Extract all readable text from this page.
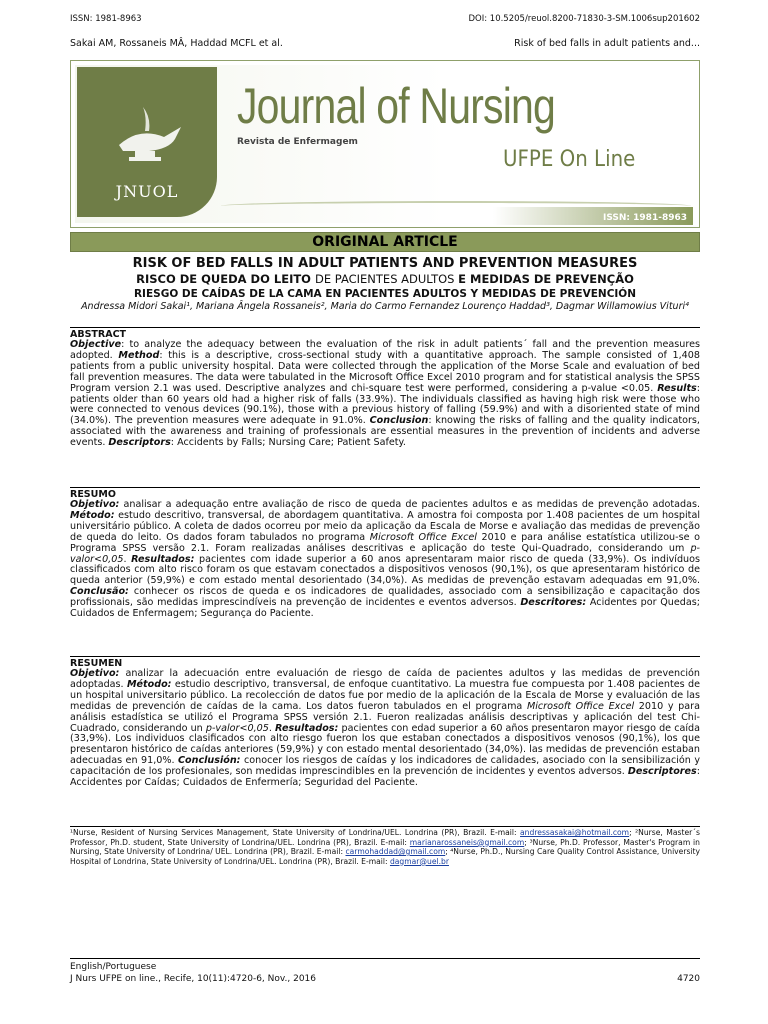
ISSN: 1981-8963	DOI: 10.5205/reuol.8200-71830-3-SM.1006sup201602
Sakai AM, Rossaneis MÂ, Haddad MCFL et al.	Risk of bed falls in adult patients and...
JNUOL
Journal of Nursing
Revista de Enfermagem
UFPE On Line
ISSN: 1981-8963
ORIGINAL ARTICLE
RISK OF BED FALLS IN ADULT PATIENTS AND PREVENTION MEASURES
RISCO DE QUEDA DO LEITO DE PACIENTES ADULTOS E MEDIDAS DE PREVENÇÃO
RIESGO DE CAÍDAS DE LA CAMA EN PACIENTES ADULTOS Y MEDIDAS DE PREVENCIÓN
Andressa Midori Sakai¹, Mariana Ângela Rossaneis², Maria do Carmo Fernandez Lourenço Haddad³, Dagmar Willamowius Vituri⁴
ABSTRACT
Objective: to analyze the adequacy between the evaluation of the risk in adult patients´ fall and the prevention measures adopted. Method: this is a descriptive, cross-sectional study with a quantitative approach. The sample consisted of 1,408 patients from a public university hospital. Data were collected through the application of the Morse Scale and evaluation of bed fall prevention measures. The data were tabulated in the Microsoft Office Excel 2010 program and for statistical analysis the SPSS Program version 2.1 was used. Descriptive analyzes and chi-square test were performed, considering a p-value <0.05. Results: patients older than 60 years old had a higher risk of falls (33.9%). The individuals classified as having high risk were those who were connected to venous devices (90.1%), those with a previous history of falling (59.9%) and with a disoriented state of mind (34.0%). The prevention measures were adequate in 91.0%. Conclusion: knowing the risks of falling and the quality indicators, associated with the awareness and training of professionals are essential measures in the prevention of incidents and adverse events. Descriptors: Accidents by Falls; Nursing Care; Patient Safety.
RESUMO
Objetivo: analisar a adequação entre avaliação de risco de queda de pacientes adultos e as medidas de prevenção adotadas. Método: estudo descritivo, transversal, de abordagem quantitativa. A amostra foi composta por 1.408 pacientes de um hospital universitário público. A coleta de dados ocorreu por meio da aplicação da Escala de Morse e avaliação das medidas de prevenção de queda do leito. Os dados foram tabulados no programa Microsoft Office Excel 2010 e para análise estatística utilizou-se o Programa SPSS versão 2.1. Foram realizadas análises descritivas e aplicação do teste Qui-Quadrado, considerando um p-valor<0,05. Resultados: pacientes com idade superior a 60 anos apresentaram maior risco de queda (33,9%). Os indivíduos classificados com alto risco foram os que estavam conectados a dispositivos venosos (90,1%), os que apresentaram histórico de queda anterior (59,9%) e com estado mental desorientado (34,0%). As medidas de prevenção estavam adequadas em 91,0%. Conclusão: conhecer os riscos de queda e os indicadores de qualidades, associado com a sensibilização e capacitação dos profissionais, são medidas imprescindíveis na prevenção de incidentes e eventos adversos. Descritores: Acidentes por Quedas; Cuidados de Enfermagem; Segurança do Paciente.
RESUMEN
Objetivo: analizar la adecuación entre evaluación de riesgo de caída de pacientes adultos y las medidas de prevención adoptadas. Método: estudio descriptivo, transversal, de enfoque cuantitativo. La muestra fue compuesta por 1.408 pacientes de un hospital universitario público. La recolección de datos fue por medio de la aplicación de la Escala de Morse y evaluación de las medidas de prevención de caídas de la cama. Los datos fueron tabulados en el programa Microsoft Office Excel 2010 y para análisis estadística se utilizó el Programa SPSS versión 2.1. Fueron realizadas análisis descriptivas y aplicación del test Chi-Cuadrado, considerando un p-valor<0,05. Resultados: pacientes con edad superior a 60 años presentaron mayor riesgo de caída (33,9%). Los individuos clasificados con alto riesgo fueron los que estaban conectados a dispositivos venosos (90,1%), los que presentaron histórico de caídas anteriores (59,9%) y con estado mental desorientado (34,0%). las medidas de prevención estaban adecuadas en 91,0%. Conclusión: conocer los riesgos de caídas y los indicadores de calidades, asociado con la sensibilización y capacitación de los profesionales, son medidas imprescindibles en la prevención de incidentes y eventos adversos. Descriptores: Accidentes por Caídas; Cuidados de Enfermería; Seguridad del Paciente.
¹Nurse, Resident of Nursing Services Management, State University of Londrina/UEL. Londrina (PR), Brazil. E-mail: andressasakai@hotmail.com; ²Nurse, Master´s Professor, Ph.D. student, State University of Londrina/UEL. Londrina (PR), Brazil. E-mail: marianarossaneis@gmail.com; ³Nurse, Ph.D. Professor, Master's Program in Nursing, State University of Londrina/ UEL. Londrina (PR), Brazil. E-mail: carmohaddad@gmail.com; ⁴Nurse, Ph.D., Nursing Care Quality Control Assistance, University Hospital of Londrina, State University of Londrina/UEL. Londrina (PR), Brazil. E-mail: dagmar@uel.br
English/Portuguese
J Nurs UFPE on line., Recife, 10(11):4720-6, Nov., 2016	4720
